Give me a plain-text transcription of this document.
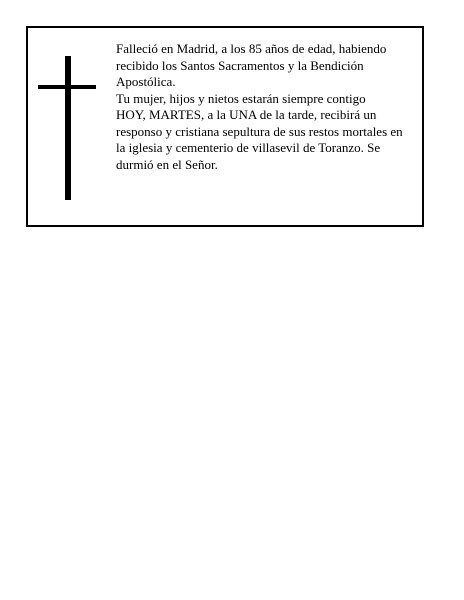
Falleció en Madrid, a los 85 años de edad, habiendo

recibido los Santos Sacramentos y la Bendición

Apostólica.

Tu mujer, hijos y nietos estarán siempre contigo

HOY, MARTES, a la UNA de la tarde, recibirá un

responso y cristiana sepultura de sus restos mortales en

la iglesia y cementerio de villasevil de Toranzo. Se

durmió en el Señor.
